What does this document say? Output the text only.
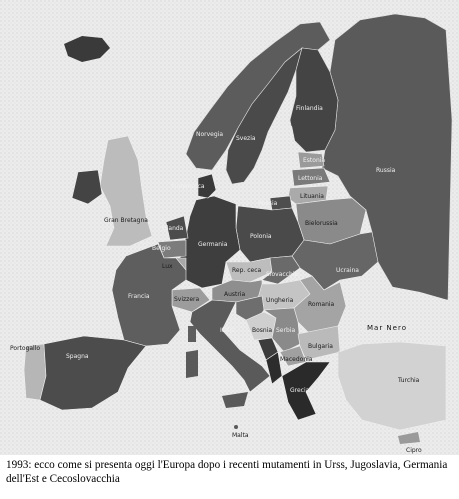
Norvegia
Svezia
Finlandia
Estonia
Lettonia
Lituania
Russia
Bielorussia
Russia
Danimarca
Gran Bretagna
Olanda
Belgio
Lux
Germania
Polonia
Ucraina
Rep. ceca
Slovacchia
Austria
Svizzera	Ungheria
Romania
Francia
Bosnia Serbia
Bulgaria
Macedonia
Portogallo
Spagna
Italia
Grecia
Turchia
Malta
Cipro
Mar Nero
1993: ecco come si presenta oggi l'Europa dopo i recenti mutamenti in Urss, Jugoslavia, Germania dell'Est e Cecoslovacchia
